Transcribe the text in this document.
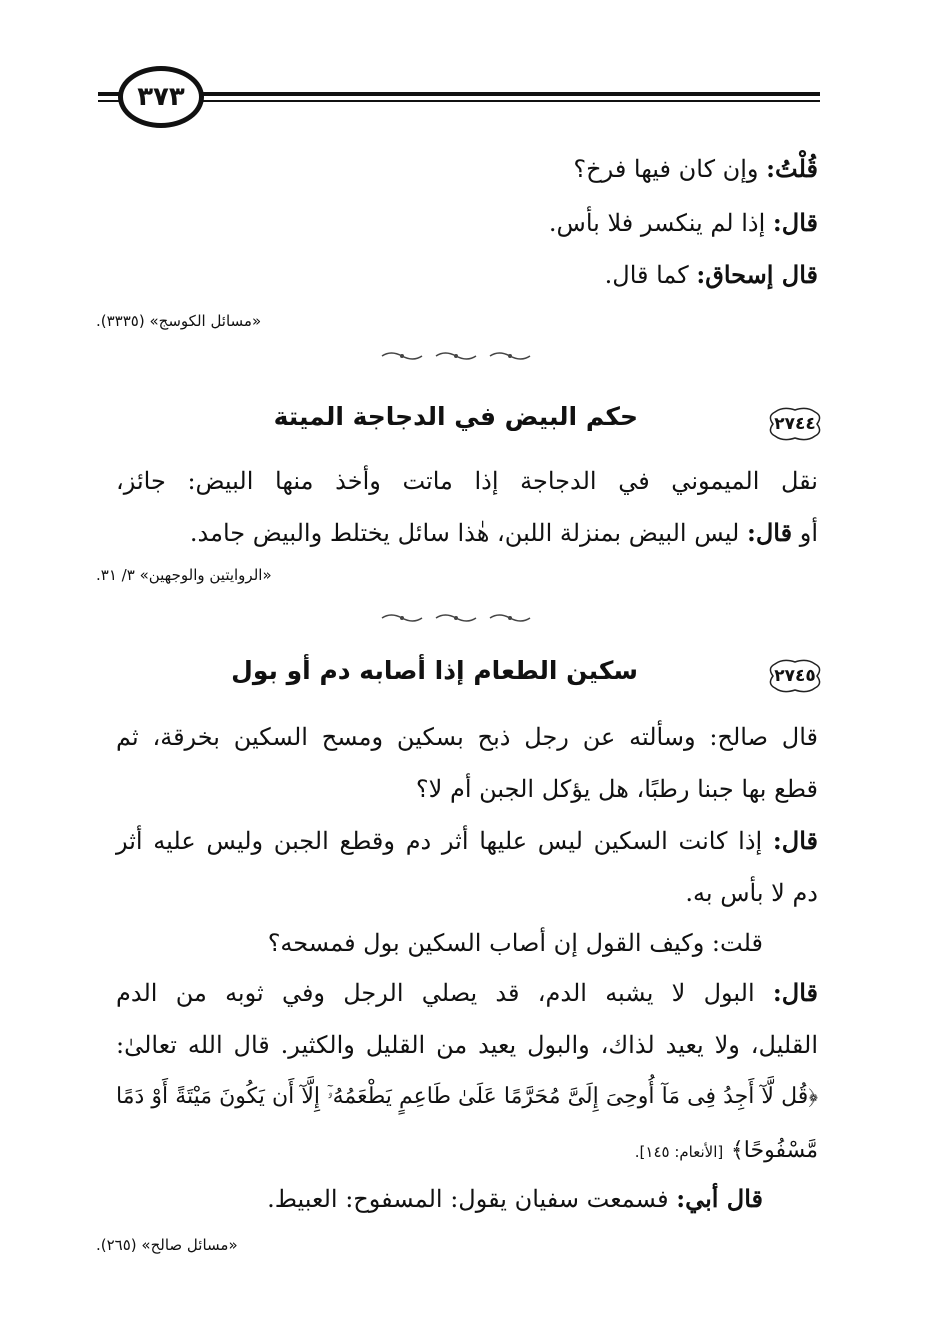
٣٧٣
قُلْتُ: وإن كان فيها فرخ؟
قال: إذا لم ينكسر فلا بأس.
قال إسحاق: كما قال.
«مسائل الكوسج» (٣٣٣٥).
٢٧٤٤
حكم البيض في الدجاجة الميتة
نقل الميموني في الدجاجة إذا ماتت وأخذ منها البيض: جائز،
أو قال: ليس البيض بمنزلة اللبن، هٰذا سائل يختلط والبيض جامد.
«الروايتين والوجهين» ٣/ ٣١.
٢٧٤٥
سكين الطعام إذا أصابه دم أو بول
قال صالح: وسألته عن رجل ذبح بسكين ومسح السكين بخرقة، ثم
قطع بها جبنا رطبًا، هل يؤكل الجبن أم لا؟
قال: إذا كانت السكين ليس عليها أثر دم وقطع الجبن وليس عليه أثر
دم لا بأس به.
قلت: وكيف القول إن أصاب السكين بول فمسحه؟
قال: البول لا يشبه الدم، قد يصلي الرجل وفي ثوبه من الدم
القليل، ولا يعيد لذاك، والبول يعيد من القليل والكثير. قال الله تعالىٰ:
﴿قُل لَّآ أَجِدُ فِى مَآ أُوحِىَ إِلَىَّ مُحَرَّمًا عَلَىٰ طَاعِمٍ يَطْعَمُهُۥٓ إِلَّآ أَن يَكُونَ مَيْتَةً أَوْ دَمًا
مَّسْفُوحًا﴾ [الأنعام: ١٤٥].
قال أبي: فسمعت سفيان يقول: المسفوح: العبيط.
«مسائل صالح» (٢٦٥).
